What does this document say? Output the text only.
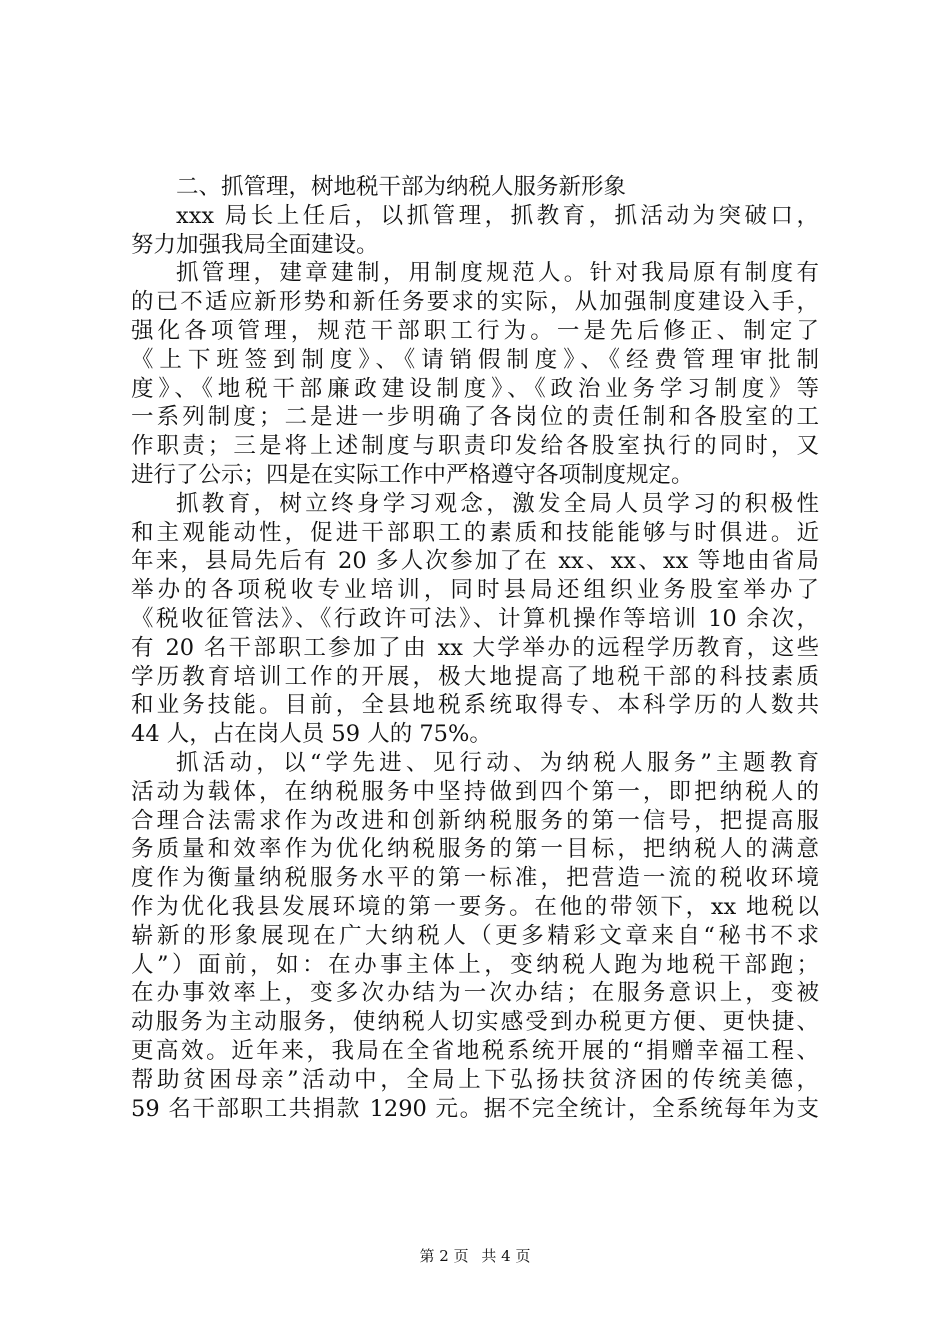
二、抓管理，树地税干部为纳税人服务新形象
xxx 局长上任后，以抓管理，抓教育，抓活动为突破口，
努力加强我局全面建设。
抓管理，建章建制，用制度规范人。针对我局原有制度有
的已不适应新形势和新任务要求的实际，从加强制度建设入手，
强化各项管理，规范干部职工行为。一是先后修正、制定了
《上下班签到制度》、《请销假制度》、《经费管理审批制
度》、《地税干部廉政建设制度》、《政治业务学习制度》等
一系列制度；二是进一步明确了各岗位的责任制和各股室的工
作职责；三是将上述制度与职责印发给各股室执行的同时，又
进行了公示；四是在实际工作中严格遵守各项制度规定。
抓教育，树立终身学习观念，激发全局人员学习的积极性
和主观能动性，促进干部职工的素质和技能能够与时俱进。近
年来，县局先后有 20 多人次参加了在 xx、xx、xx 等地由省局
举办的各项税收专业培训，同时县局还组织业务股室举办了
《税收征管法》、《行政许可法》、计算机操作等培训 10 余次，
有 20 名干部职工参加了由 xx 大学举办的远程学历教育，这些
学历教育培训工作的开展，极大地提高了地税干部的科技素质
和业务技能。目前，全县地税系统取得专、本科学历的人数共
44 人，占在岗人员 59 人的 75%。
抓活动，以“学先进、见行动、为纳税人服务”主题教育
活动为载体，在纳税服务中坚持做到四个第一，即把纳税人的
合理合法需求作为改进和创新纳税服务的第一信号，把提高服
务质量和效率作为优化纳税服务的第一目标，把纳税人的满意
度作为衡量纳税服务水平的第一标准，把营造一流的税收环境
作为优化我县发展环境的第一要务。在他的带领下，xx 地税以
崭新的形象展现在广大纳税人（更多精彩文章来自“秘书不求
人”）面前，如：在办事主体上，变纳税人跑为地税干部跑；
在办事效率上，变多次办结为一次办结；在服务意识上，变被
动服务为主动服务，使纳税人切实感受到办税更方便、更快捷、
更高效。近年来，我局在全省地税系统开展的“捐赠幸福工程、
帮助贫困母亲”活动中，全局上下弘扬扶贫济困的传统美德，
59 名干部职工共捐款 1290 元。据不完全统计，全系统每年为支
第 2 页 共 4 页
